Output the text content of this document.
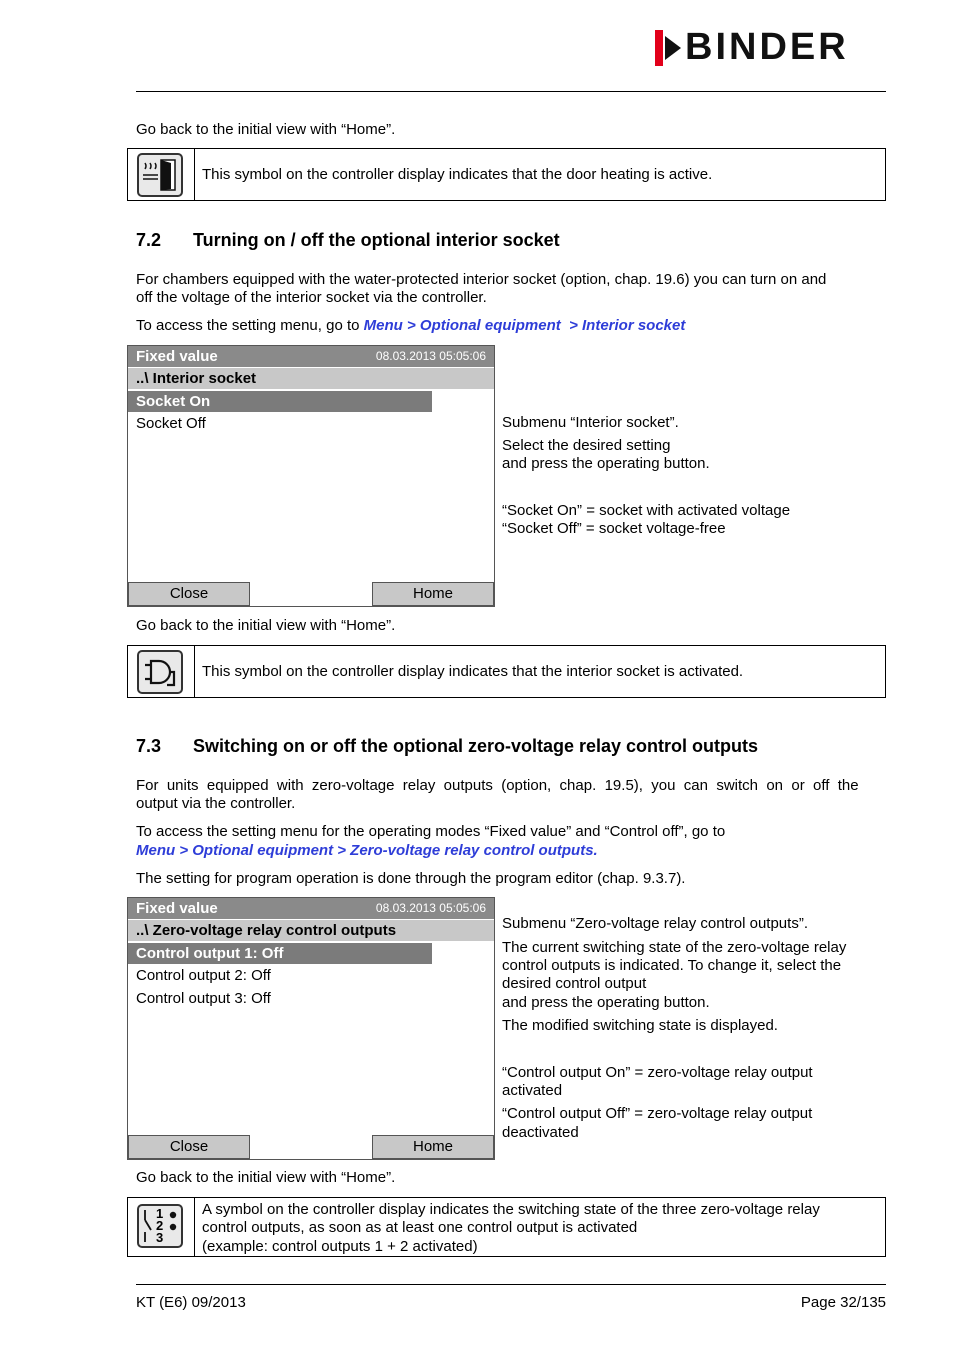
BINDER
Go back to the initial view with “Home”.
This symbol on the controller display indicates that the door heating is active.
7.2 Turning on / off the optional interior socket
For chambers equipped with the water-protected interior socket (option, chap. 19.6) you can turn on and
off the voltage of the interior socket via the controller.
To access the setting menu, go to Menu > Optional equipment  > Interior socket
Fixed value	08.03.2013 05:05:06
..\ Interior socket
Socket On
Socket Off
Close	Home
Submenu “Interior socket”.
Select the desired setting
and press the operating button.
“Socket On” = socket with activated voltage
“Socket Off” = socket voltage-free
Go back to the initial view with “Home”.
This symbol on the controller display indicates that the interior socket is activated.
7.3 Switching on or off the optional zero-voltage relay control outputs
For  units  equipped  with  zero-voltage  relay  outputs  (option,  chap.  19.5),  you  can  switch  on  or  off  the
output via the controller.
To access the setting menu for the operating modes “Fixed value” and “Control off”, go to
Menu > Optional equipment > Zero-voltage relay control outputs.
The setting for program operation is done through the program editor (chap. 9.3.7).
Fixed value	08.03.2013 05:05:06
..\ Zero-voltage relay control outputs
Control output 1: Off
Control output 2: Off
Control output 3: Off
Close	Home
Submenu “Zero-voltage relay control outputs”.
The current switching state of the zero-voltage relay
control outputs is indicated. To change it, select the
desired control output
and press the operating button.
The modified switching state is displayed.
“Control output On” = zero-voltage relay output
activated
“Control output Off” = zero-voltage relay output
deactivated
Go back to the initial view with “Home”.
1
2
3
A symbol on the controller display indicates the switching state of the three zero-voltage relay
control outputs, as soon as at least one control output is activated
(example: control outputs 1 + 2 activated)
KT (E6) 09/2013	Page 32/135
